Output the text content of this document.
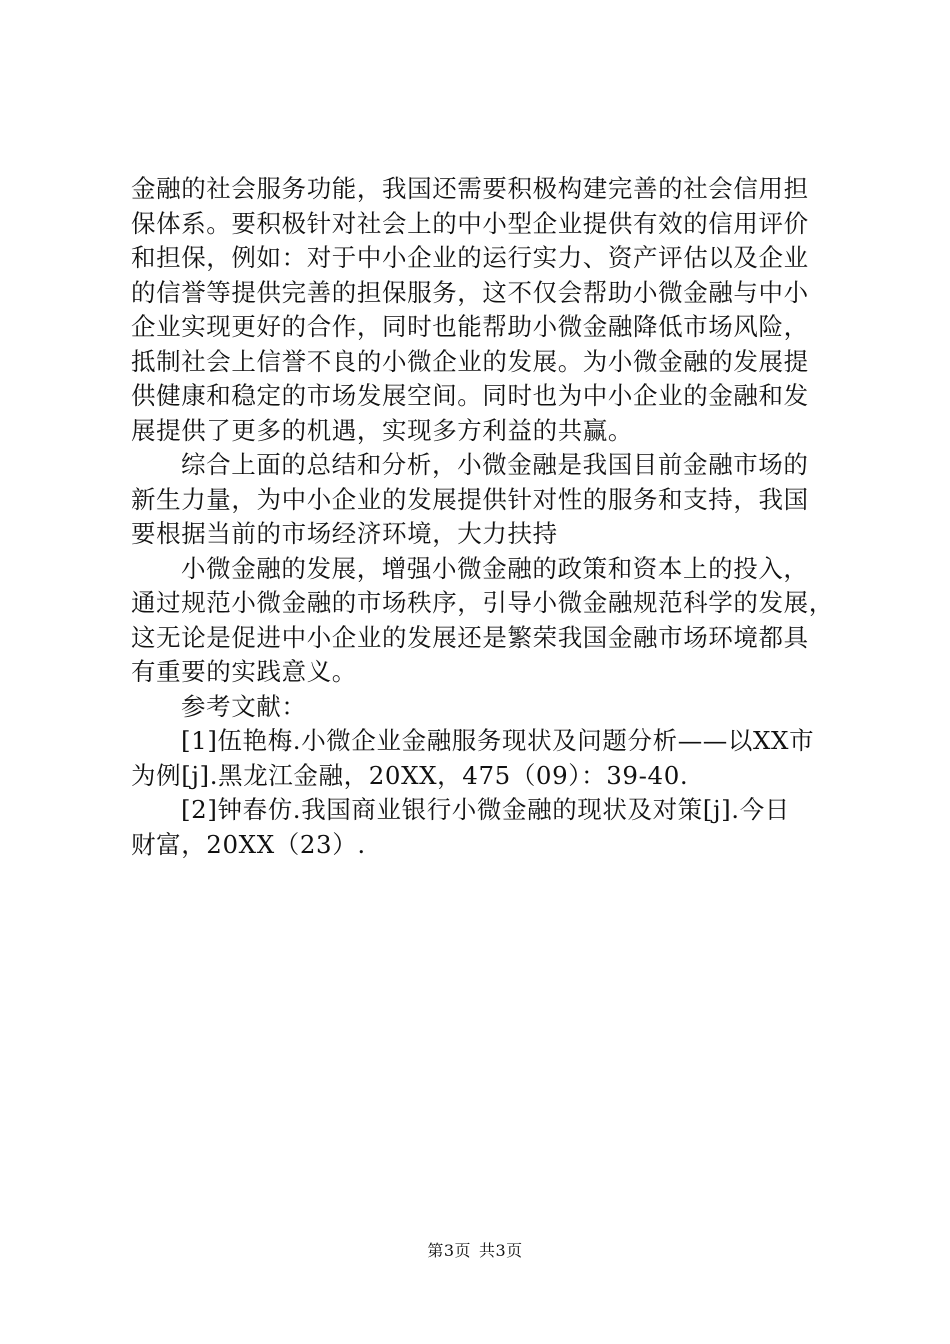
金融的社会服务功能，我国还需要积极构建完善的社会信用担

保体系。要积极针对社会上的中小型企业提供有效的信用评价

和担保，例如：对于中小企业的运行实力、资产评估以及企业

的信誉等提供完善的担保服务，这不仅会帮助小微金融与中小

企业实现更好的合作，同时也能帮助小微金融降低市场风险，

抵制社会上信誉不良的小微企业的发展。为小微金融的发展提

供健康和稳定的市场发展空间。同时也为中小企业的金融和发

展提供了更多的机遇，实现多方利益的共赢。

综合上面的总结和分析，小微金融是我国目前金融市场的

新生力量，为中小企业的发展提供针对性的服务和支持，我国

要根据当前的市场经济环境，大力扶持

小微金融的发展，增强小微金融的政策和资本上的投入，

通过规范小微金融的市场秩序，引导小微金融规范科学的发展，

这无论是促进中小企业的发展还是繁荣我国金融市场环境都具

有重要的实践意义。

参考文献：

[1]伍艳梅.小微企业金融服务现状及问题分析——以XX市

为例[j].黑龙江金融，20XX，475（09）：39-40.

[2]钟春仿.我国商业银行小微金融的现状及对策[j].今日

财富，20XX（23）.

第3页 共3页
